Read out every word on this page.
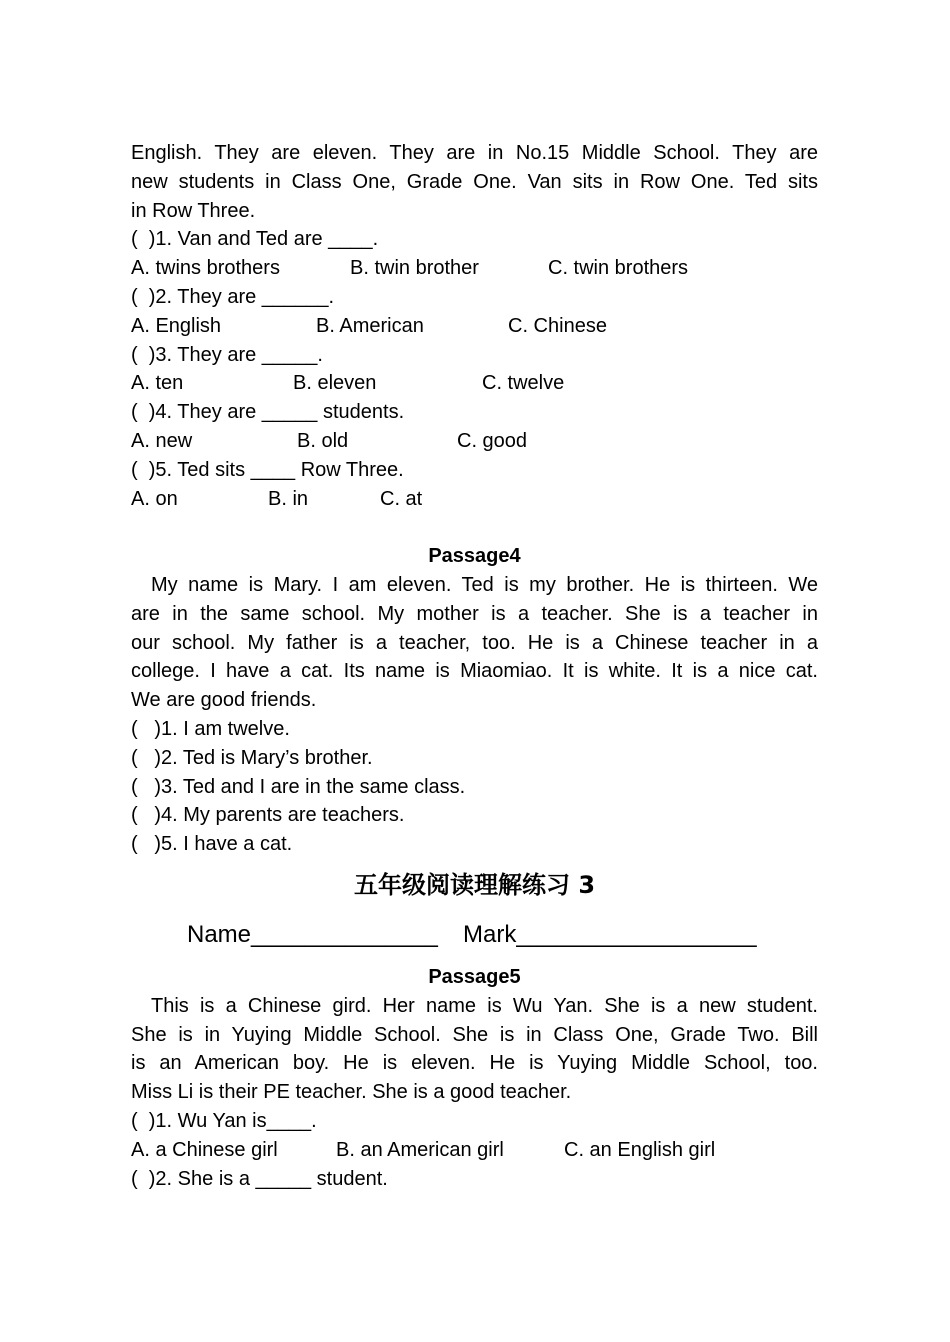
English. They are eleven. They are in No.15 Middle School. They are
new students in Class One, Grade One. Van sits in Row One. Ted sits
in Row Three.
(  )1. Van and Ted are ____.
A. twins brothers	B. twin brother	C. twin brothers
(  )2. They are ______.
A. English	B. American	C. Chinese
(  )3. They are _____.
A. ten	B. eleven	C. twelve
(  )4. They are _____ students.
A. new	B. old	C. good
(  )5. Ted sits ____ Row Three.
A. on	B. in	C. at
Passage4
My name is Mary. I am eleven. Ted is my brother. He is thirteen. We
are in the same school. My mother is a teacher. She is a teacher in
our school. My father is a teacher, too. He is a Chinese teacher in a
college. I have a cat. Its name is Miaomiao. It is white. It is a nice cat.
We are good friends.
(   )1. I am twelve.
(   )2. Ted is Mary’s brother.
(   )3. Ted and I are in the same class.
(   )4. My parents are teachers.
(   )5. I have a cat.
五年级阅读理解练习 3
Name______________ Mark__________________
Passage5
This is a Chinese gird. Her name is Wu Yan. She is a new student.
She is in Yuying Middle School. She is in Class One, Grade Two. Bill
is an American boy. He is eleven. He is Yuying Middle School, too.
Miss Li is their PE teacher. She is a good teacher.
(  )1. Wu Yan is____.
A. a Chinese girl	B. an American girl	C. an English girl
(  )2. She is a _____ student.
